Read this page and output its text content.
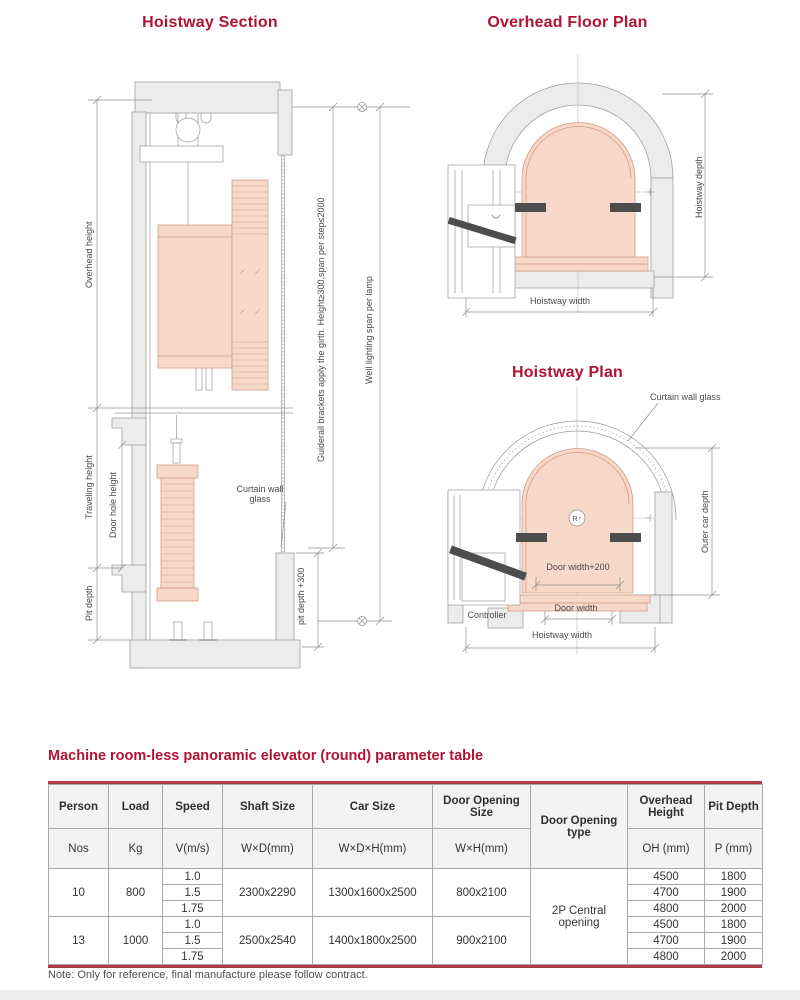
Hoistway Section
Overhead height
Traveling height Door hole height
Pit depth	pit depth +300
Guiderail brackets apply the girth. Height≥300,span per step≤2000	Well lighting span per lamp
Curtain wall glass
Overhead Floor Plan
Hoistway depth
Hoistway width
Hoistway Plan
R↑
Curtain wall glass
Outer car depth
Door width+200
Door width
Controller
Hoistway width
Machine room-less panoramic elevator (round) parameter table
Person	Load	Speed	Shaft Size	Car Size	Door Opening Size	Door Opening type	Overhead Height	Pit Depth
Nos	Kg	V(m/s)	W×D(mm)	W×D×H(mm)	W×H(mm)		OH (mm)	P (mm)
10	800	1.0	2300x2290	1300x1600x2500	800x2100	2P Central opening	4500	1800
		1.5					4700	1900
		1.75					4800	2000
13	1000	1.0	2500x2540	1400x1800x2500	900x2100		4500	1800
		1.5					4700	1900
		1.75					4800	2000
Note: Only for reference, final manufacture please follow contract.
